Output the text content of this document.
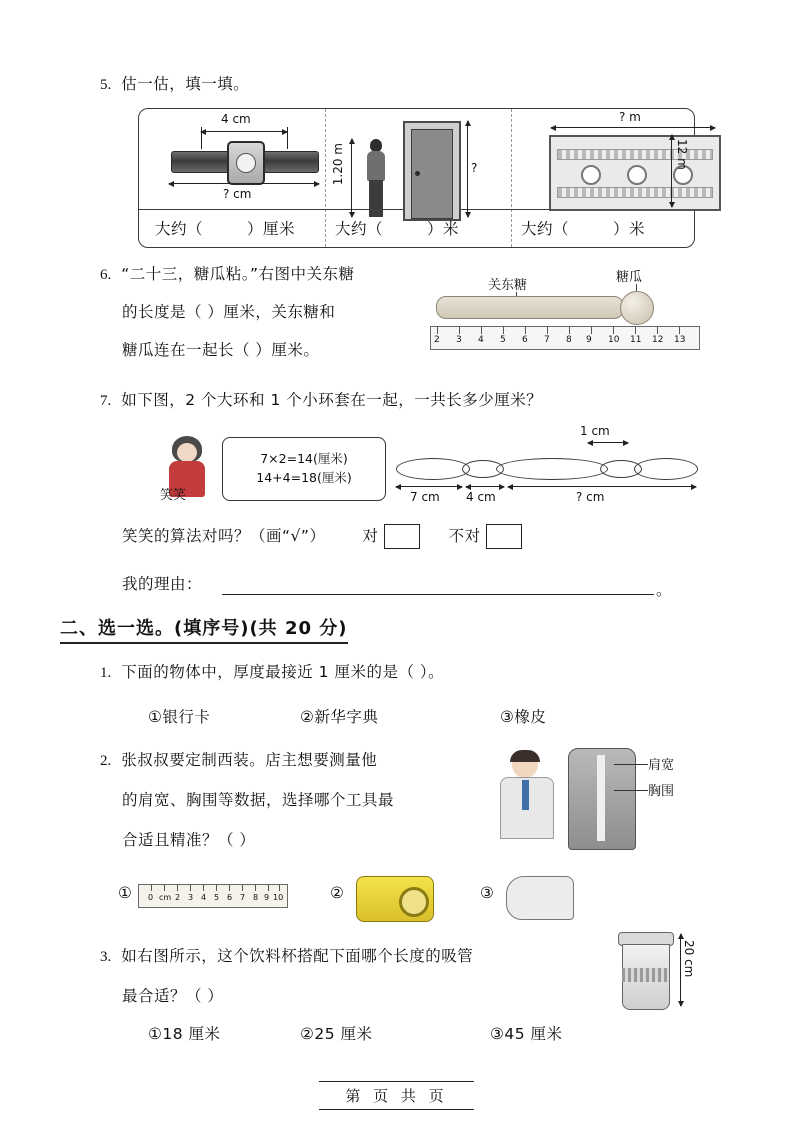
5. 估一估，填一填。
4 cm
? cm
1.20 m	?
? m
12 m
大约（	）厘米	大约（	）米	大约（	）米
6. “二十三，糖瓜粘。”右图中关东糖
的长度是（ ）厘米，关东糖和
糖瓜连在一起长（ ）厘米。
关东糖
糖瓜
2 3 4 5 6 7 8 9 10 11 12 13
7. 如下图，2 个大环和 1 个小环套在一起，一共长多少厘米？
笑笑
7×2=14(厘米)
14+4=18(厘米)
1 cm
7 cm 4 cm	? cm
笑笑的算法对吗？（画“√”） 对	不对
我的理由：	。
二、选一选。(填序号)(共 20 分)
1. 下面的物体中，厚度最接近 1 厘米的是（ ）。
①银行卡	②新华字典	③橡皮
2. 张叔叔要定制西装。店主想要测量他
的肩宽、胸围等数据，选择哪个工具最
合适且精准？（ ）
肩宽
胸围
① 0 cm 2 3 4 5 6 7 8 9 10	②	③
3. 如右图所示，这个饮料杯搭配下面哪个长度的吸管
最合适？（ ）
20 cm
①18 厘米	②25 厘米	③45 厘米
第 页 共 页
